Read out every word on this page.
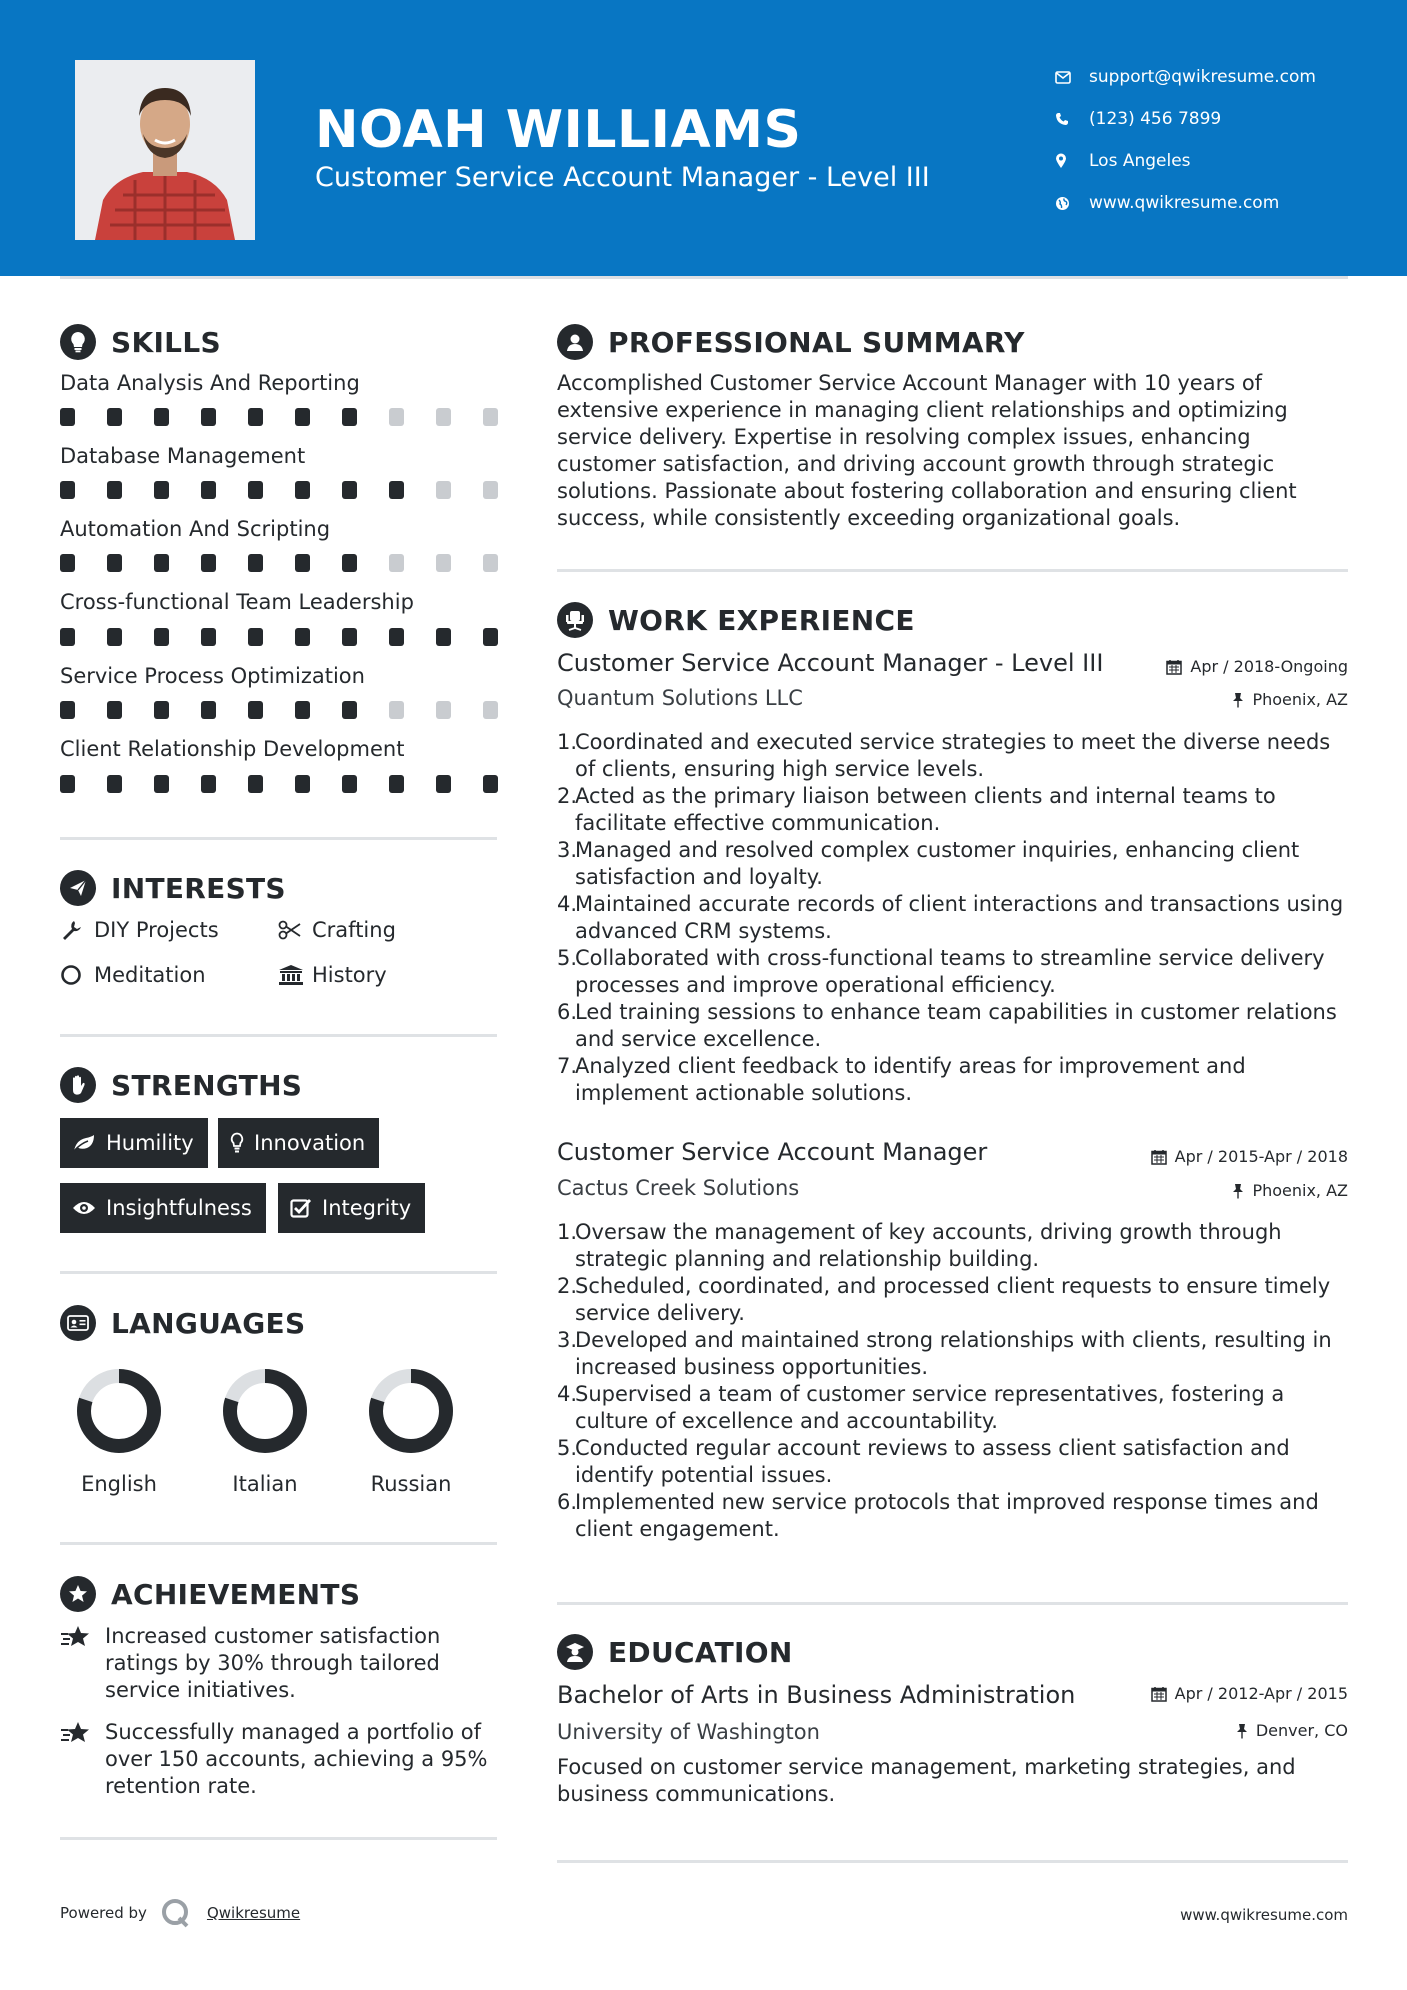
NOAH WILLIAMS
Customer Service Account Manager - Level III
support@qwikresume.com
(123) 456 7899
Los Angeles
www.qwikresume.com
SKILLS
Data Analysis And Reporting
Database Management
Automation And Scripting
Cross-functional Team Leadership
Service Process Optimization
Client Relationship Development
INTERESTS
DIY Projects	Crafting
Meditation	History
STRENGTHS
Humility	Innovation
Insightfulness	Integrity
LANGUAGES
English	Italian	Russian
ACHIEVEMENTS
Increased customer satisfaction ratings by 30% through tailored service initiatives.
Successfully managed a portfolio of over 150 accounts, achieving a 95% retention rate.
PROFESSIONAL SUMMARY
Accomplished Customer Service Account Manager with 10 years of extensive experience in managing client relationships and optimizing service delivery. Expertise in resolving complex issues, enhancing customer satisfaction, and driving account growth through strategic solutions. Passionate about fostering collaboration and ensuring client success, while consistently exceeding organizational goals.
WORK EXPERIENCE
Customer Service Account Manager - Level III	Apr / 2018-Ongoing
Quantum Solutions LLC	Phoenix, AZ
1.
Coordinated and executed service strategies to meet the diverse needs of clients, ensuring high service levels.
2.
Acted as the primary liaison between clients and internal teams to facilitate effective communication.
3.
Managed and resolved complex customer inquiries, enhancing client satisfaction and loyalty.
4.
Maintained accurate records of client interactions and transactions using advanced CRM systems.
5.
Collaborated with cross-functional teams to streamline service delivery processes and improve operational efficiency.
6.
Led training sessions to enhance team capabilities in customer relations and service excellence.
7.
Analyzed client feedback to identify areas for improvement and implement actionable solutions.
Customer Service Account Manager	Apr / 2015-Apr / 2018
Cactus Creek Solutions	Phoenix, AZ
1.
Oversaw the management of key accounts, driving growth through strategic planning and relationship building.
2.
Scheduled, coordinated, and processed client requests to ensure timely service delivery.
3.
Developed and maintained strong relationships with clients, resulting in increased business opportunities.
4.
Supervised a team of customer service representatives, fostering a culture of excellence and accountability.
5.
Conducted regular account reviews to assess client satisfaction and identify potential issues.
6.
Implemented new service protocols that improved response times and client engagement.
EDUCATION
Bachelor of Arts in Business Administration	Apr / 2012-Apr / 2015
University of Washington	Denver, CO
Focused on customer service management, marketing strategies, and business communications.
Powered by	Qwikresume	www.qwikresume.com
